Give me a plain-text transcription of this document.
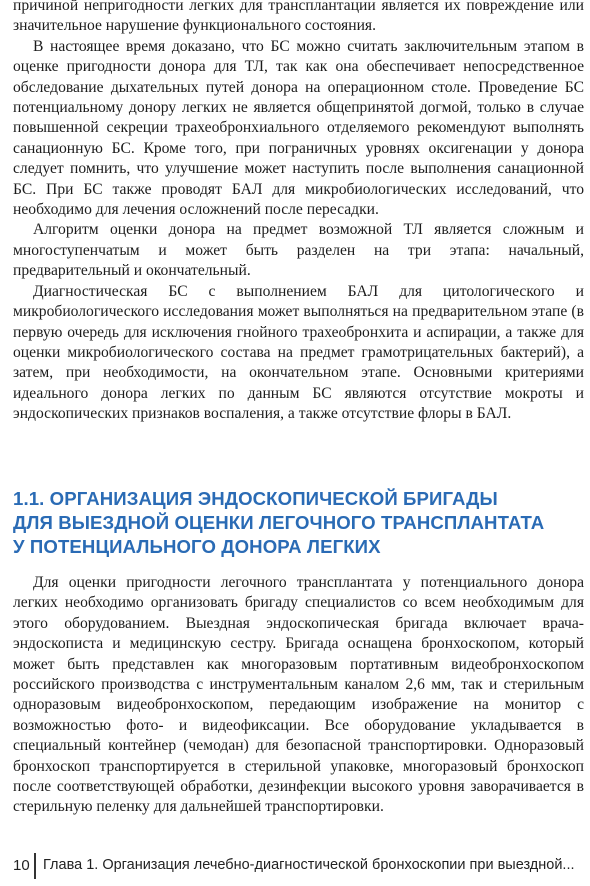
причиной непригодности легких для трансплантации является их повреждение или значительное нарушение функционального состояния.

В настоящее время доказано, что БС можно считать заключительным этапом в оценке пригодности донора для ТЛ, так как она обеспечивает непосредственное обследование дыхательных путей донора на операционном столе. Проведение БС потенциальному донору легких не является общепринятой догмой, только в случае повышенной секреции трахеобронхиального отделяемого рекомендуют выполнять санационную БС. Кроме того, при пограничных уровнях оксигенации у донора следует помнить, что улучшение может наступить после выполнения санационной БС. При БС также проводят БАЛ для микробиологических исследований, что необходимо для лечения осложнений после пересадки.

Алгоритм оценки донора на предмет возможной ТЛ является сложным и многоступенчатым и может быть разделен на три этапа: начальный, предварительный и окончательный.

Диагностическая БС с выполнением БАЛ для цитологического и микробиологического исследования может выполняться на предварительном этапе (в первую очередь для исключения гнойного трахеобронхита и аспирации, а также для оценки микробиологического состава на предмет грамотрицательных бактерий), а затем, при необходимости, на окончательном этапе. Основными критериями идеального донора легких по данным БС являются отсутствие мокроты и эндоскопических признаков воспаления, а также отсутствие флоры в БАЛ.

1.1. ОРГАНИЗАЦИЯ ЭНДОСКОПИЧЕСКОЙ БРИГАДЫ
ДЛЯ ВЫЕЗДНОЙ ОЦЕНКИ ЛЕГОЧНОГО ТРАНСПЛАНТАТА
У ПОТЕНЦИАЛЬНОГО ДОНОРА ЛЕГКИХ

Для оценки пригодности легочного трансплантата у потенциального донора легких необходимо организовать бригаду специалистов со всем необходимым для этого оборудованием. Выездная эндоскопическая бригада включает врача-эндоскописта и медицинскую сестру. Бригада оснащена бронхоскопом, который может быть представлен как многоразовым портативным видеобронхоскопом российского производства с инструментальным каналом 2,6 мм, так и стерильным одноразовым видеобронхоскопом, передающим изображение на монитор с возможностью фото- и видеофиксации. Все оборудование укладывается в специальный контейнер (чемодан) для безопасной транспортировки. Одноразовый бронхоскоп транспортируется в стерильной упаковке, многоразовый бронхоскоп после соответствующей обработки, дезинфекции высокого уровня заворачивается в стерильную пеленку для дальнейшей транспортировки.

10 Глава 1. Организация лечебно-диагностической бронхоскопии при выездной...
